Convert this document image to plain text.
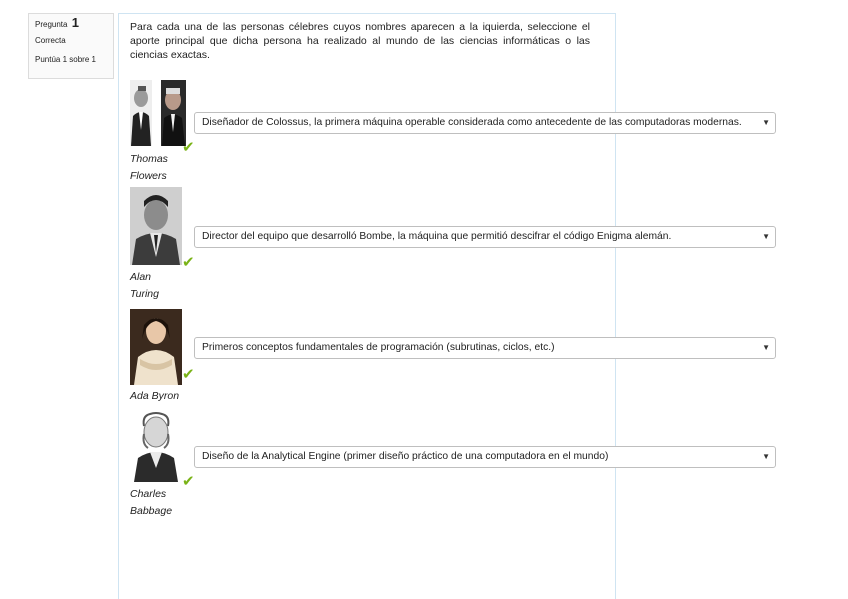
Pregunta 1
Correcta
Puntúa 1 sobre 1
Para cada una de las personas célebres cuyos nombres aparecen a la iquierda, seleccione el aporte principal que dicha persona ha realizado al mundo de las ciencias informáticas o las ciencias exactas.
✔
Thomas
Flowers
Diseñador de Colossus, la primera máquina operable considerada como antecedente de las computadoras modernas.	▼
✔
Alan
Turing
Director del equipo que desarrolló Bombe, la máquina que permitió descifrar el código Enigma alemán.	▼
✔
Ada Byron
Primeros conceptos fundamentales de programación (subrutinas, ciclos, etc.)	▼
✔
Charles
Babbage
Diseño de la Analytical Engine (primer diseño práctico de una computadora en el mundo)	▼
